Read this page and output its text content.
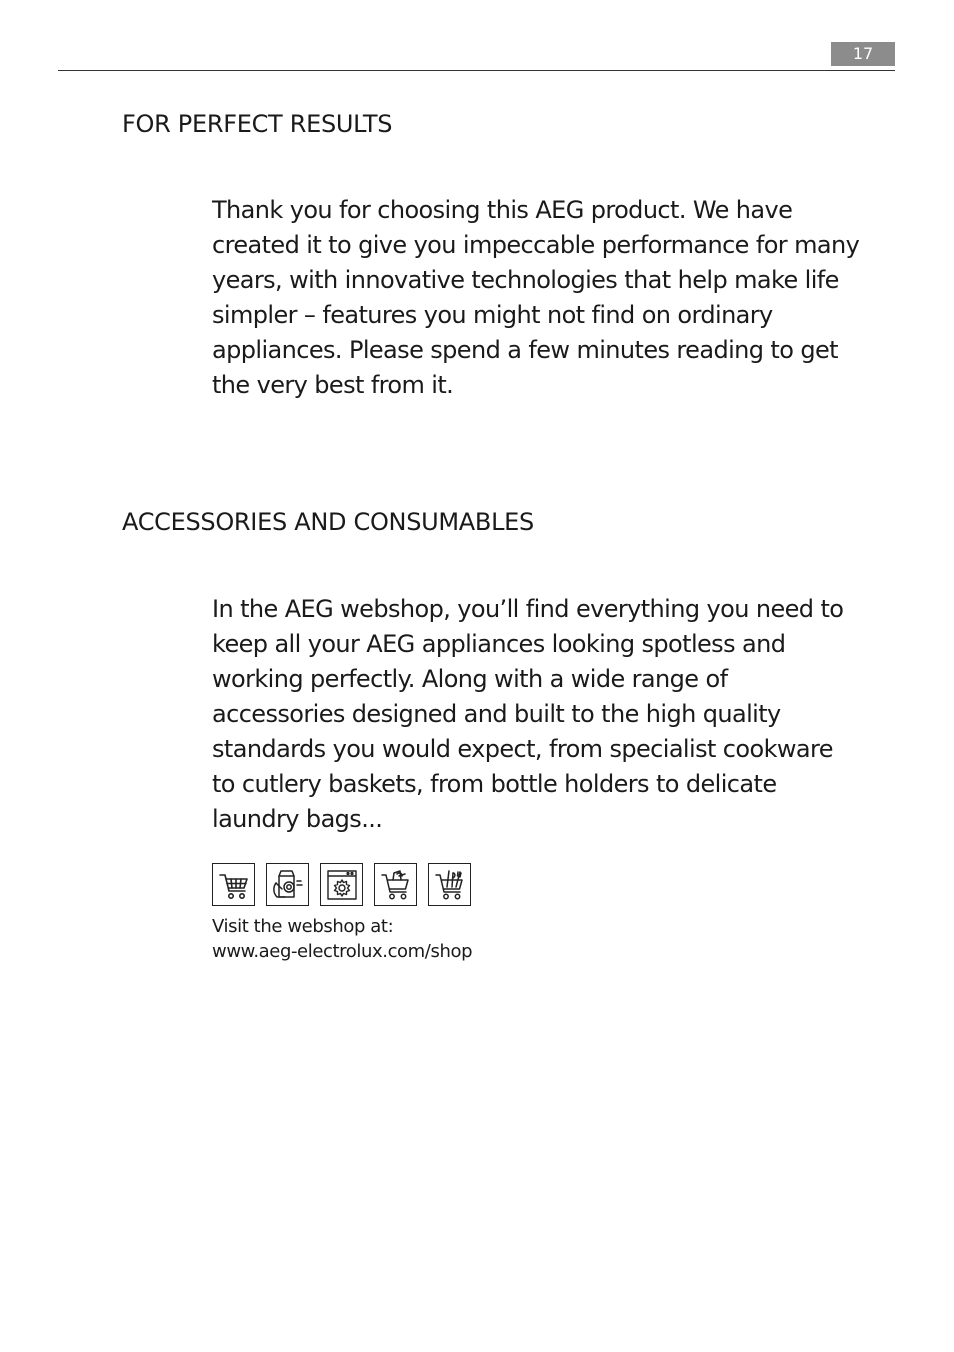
17
FOR PERFECT RESULTS

Thank you for choosing this AEG product. We have
created it to give you impeccable performance for many
years, with innovative technologies that help make life
simpler – features you might not find on ordinary
appliances. Please spend a few minutes reading to get
the very best from it.

ACCESSORIES AND CONSUMABLES

In the AEG webshop, you’ll find everything you need to
keep all your AEG appliances looking spotless and
working perfectly. Along with a wide range of
accessories designed and built to the high quality
standards you would expect, from specialist cookware
to cutlery baskets, from bottle holders to delicate
laundry bags...

Visit the webshop at:
www.aeg-electrolux.com/shop
